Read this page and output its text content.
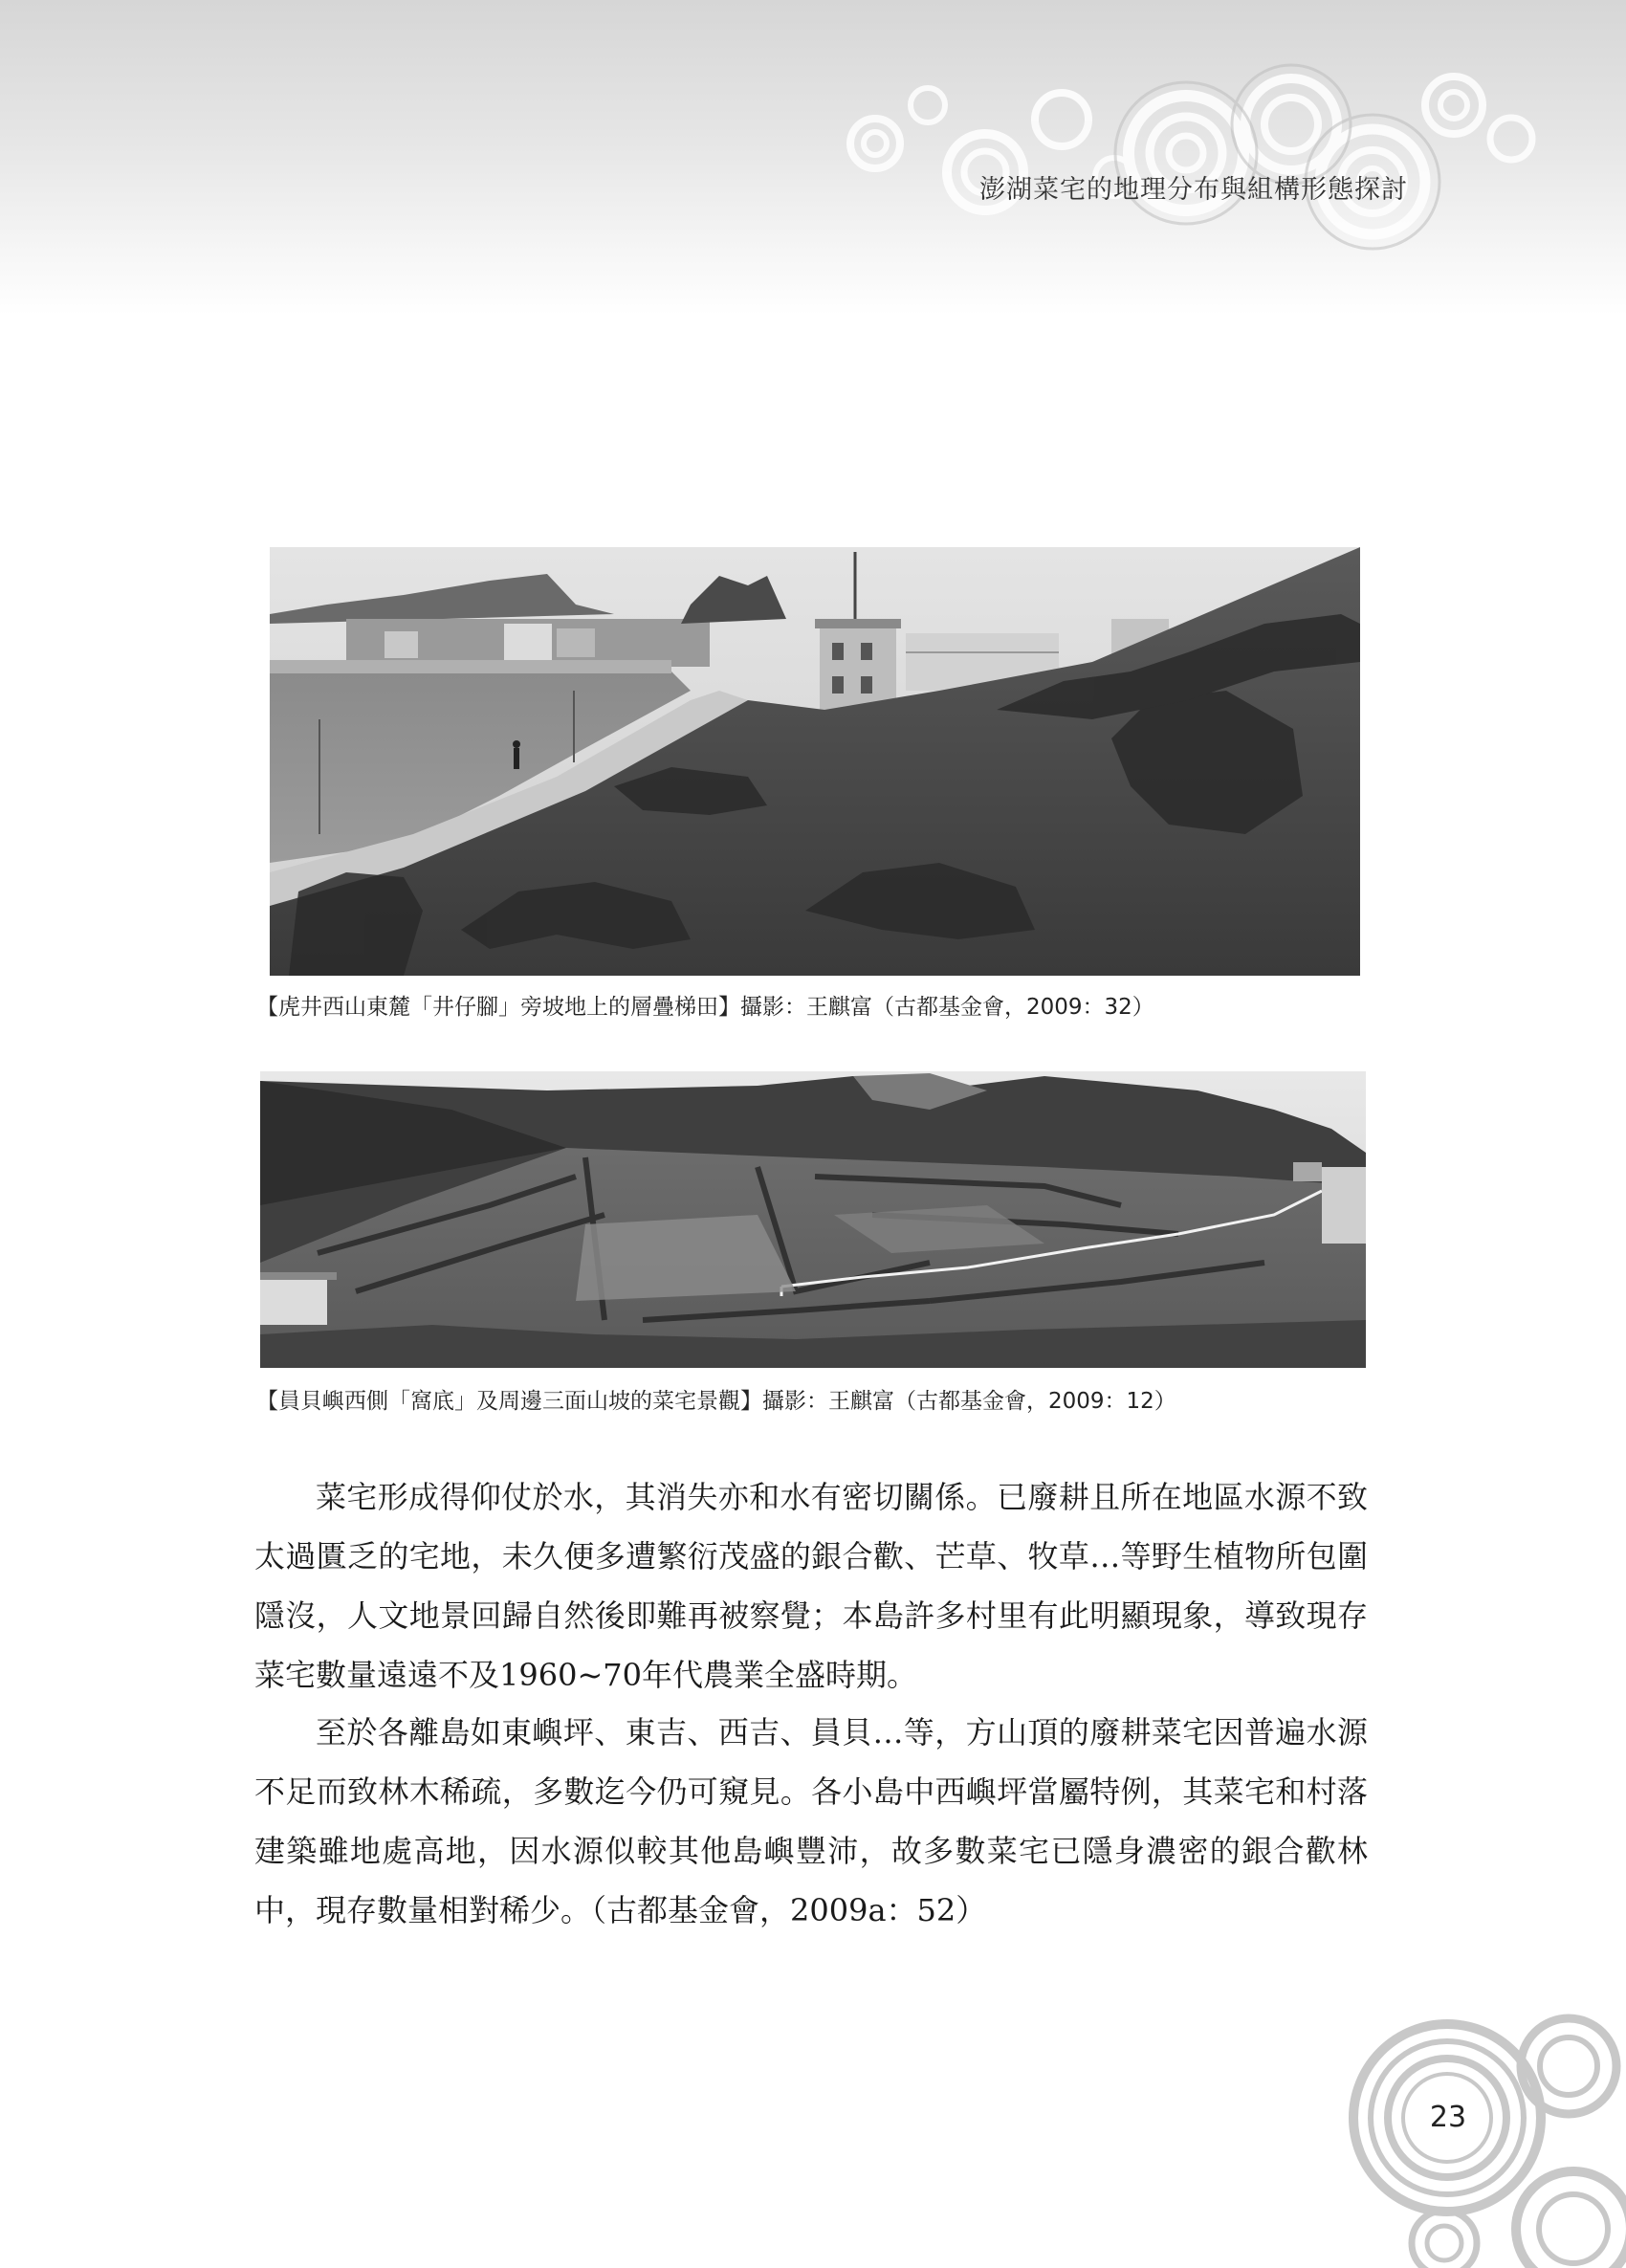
澎湖菜宅的地理分布與組構形態探討
【虎井西山東麓「井仔腳」旁坡地上的層疊梯田】攝影：王麒富（古都基金會，2009：32）
【員貝嶼西側「窩底」及周邊三面山坡的菜宅景觀】攝影：王麒富（古都基金會，2009：12）
菜宅形成得仰仗於水，其消失亦和水有密切關係。已廢耕且所在地區水源不致太過匱乏的宅地，未久便多遭繁衍茂盛的銀合歡、芒草、牧草…等野生植物所包圍隱沒，人文地景回歸自然後即難再被察覺；本島許多村里有此明顯現象，導致現存菜宅數量遠遠不及1960~70年代農業全盛時期。
至於各離島如東嶼坪、東吉、西吉、員貝…等，方山頂的廢耕菜宅因普遍水源不足而致林木稀疏，多數迄今仍可窺見。各小島中西嶼坪當屬特例，其菜宅和村落建築雖地處高地，因水源似較其他島嶼豐沛，故多數菜宅已隱身濃密的銀合歡林中，現存數量相對稀少。（古都基金會，2009a：52）
23
